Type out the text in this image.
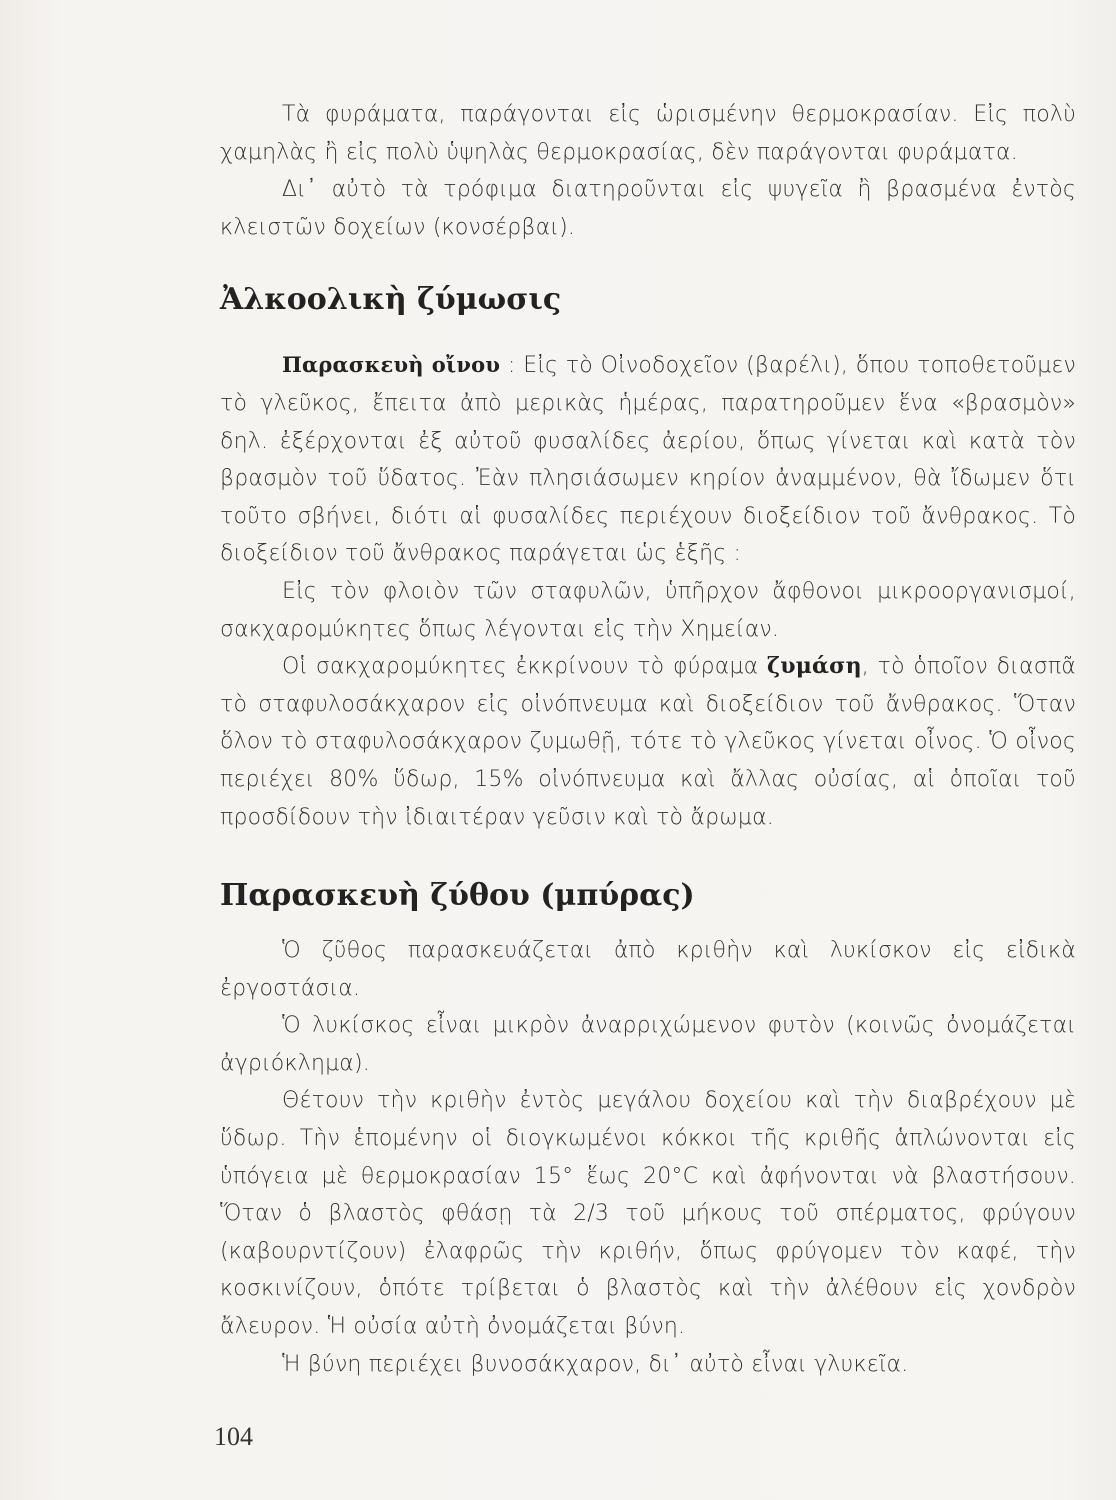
Τὰ φυράματα, παράγονται εἰς ὡρισμένην θερμοκρασίαν. Εἰς πολὺ χαμηλὰς ἢ εἰς πολὺ ὑψηλὰς θερμοκρασίας, δὲν παράγονται φυράματα.

Δι᾽ αὐτὸ τὰ τρόφιμα διατηροῦνται εἰς ψυγεῖα ἢ βρασμένα ἐντὸς κλειστῶν δοχείων (κονσέρβαι).

Ἀλκοολικὴ ζύμωσις

Παρασκευὴ οἴνου : Εἰς τὸ Οἰνοδοχεῖον (βαρέλι), ὅπου τοποθετοῦμεν τὸ γλεῦκος, ἔπειτα ἀπὸ μερικὰς ἡμέρας, παρατηροῦμεν ἕνα «βρασμὸν» δηλ. ἐξέρχονται ἐξ αὐτοῦ φυσαλίδες ἀερίου, ὅπως γίνεται καὶ κατὰ τὸν βρασμὸν τοῦ ὕδατος. Ἐὰν πλησιάσωμεν κηρίον ἀναμμένον, θὰ ἴδωμεν ὅτι τοῦτο σβήνει, διότι αἱ φυσαλίδες περιέχουν διοξείδιον τοῦ ἄνθρακος. Τὸ διοξείδιον τοῦ ἄνθρακος παράγεται ὡς ἑξῆς :

Εἰς τὸν φλοιὸν τῶν σταφυλῶν, ὑπῆρχον ἄφθονοι μικροοργανισμοί, σακχαρομύκητες ὅπως λέγονται εἰς τὴν Χημείαν.

Οἱ σακχαρομύκητες ἐκκρίνουν τὸ φύραμα ζυμάση, τὸ ὁποῖον διασπᾶ τὸ σταφυλοσάκχαρον εἰς οἰνόπνευμα καὶ διοξείδιον τοῦ ἄνθρακος. Ὅταν ὅλον τὸ σταφυλοσάκχαρον ζυμωθῇ, τότε τὸ γλεῦκος γίνεται οἶνος. Ὁ οἶνος περιέχει 80% ὕδωρ, 15% οἰνόπνευμα καὶ ἄλλας οὐσίας, αἱ ὁποῖαι τοῦ προσδίδουν τὴν ἰδιαιτέραν γεῦσιν καὶ τὸ ἄρωμα.

Παρασκευὴ ζύθου (μπύρας)

Ὁ ζῦθος παρασκευάζεται ἀπὸ κριθὴν καὶ λυκίσκον εἰς εἰδικὰ ἐργοστάσια.

Ὁ λυκίσκος εἶναι μικρὸν ἀναρριχώμενον φυτὸν (κοινῶς ὀνομάζεται ἀγριόκλημα).

Θέτουν τὴν κριθὴν ἐντὸς μεγάλου δοχείου καὶ τὴν διαβρέχουν μὲ ὕδωρ. Τὴν ἑπομένην οἱ διογκωμένοι κόκκοι τῆς κριθῆς ἁπλώνονται εἰς ὑπόγεια μὲ θερμοκρασίαν 15° ἕως 20°C καὶ ἀφήνονται νὰ βλαστήσουν. Ὅταν ὁ βλαστὸς φθάσῃ τὰ 2/3 τοῦ μήκους τοῦ σπέρματος, φρύγουν (καβουρντίζουν) ἐλαφρῶς τὴν κριθήν, ὅπως φρύγομεν τὸν καφέ, τὴν κοσκινίζουν, ὁπότε τρίβεται ὁ βλαστὸς καὶ τὴν ἀλέθουν εἰς χονδρὸν ἄλευρον. Ἡ οὐσία αὐτὴ ὀνομάζεται βύνη.

Ἡ βύνη περιέχει βυνοσάκχαρον, δι᾽ αὐτὸ εἶναι γλυκεῖα.

104
